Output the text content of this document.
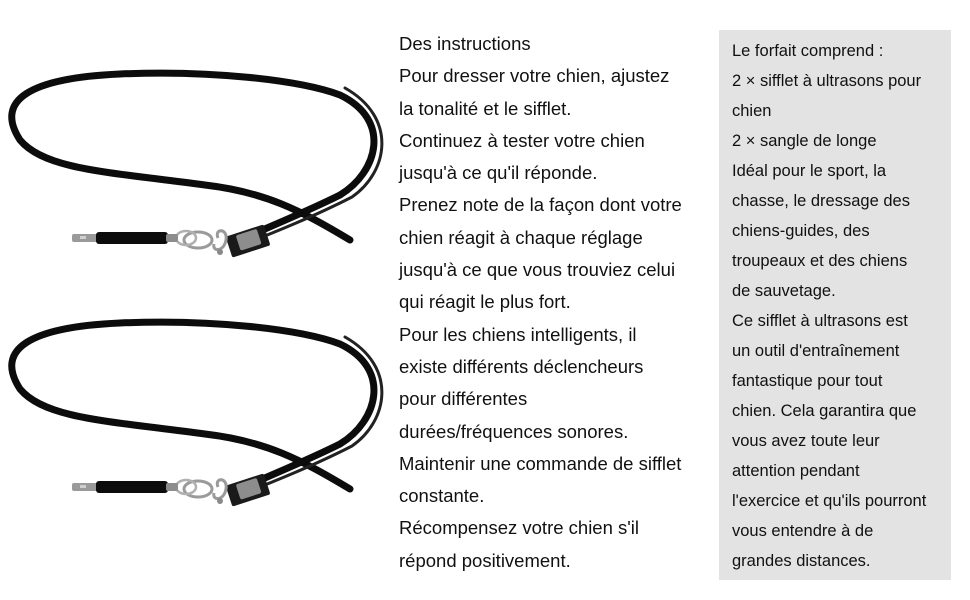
Des instructions

Pour dresser votre chien, ajustez

la tonalité et le sifflet.

Continuez à tester votre chien

jusqu'à ce qu'il réponde.

Prenez note de la façon dont votre

chien réagit à chaque réglage

jusqu'à ce que vous trouviez celui

qui réagit le plus fort.

Pour les chiens intelligents, il

existe différents déclencheurs

pour différentes

durées/fréquences sonores.

Maintenir une commande de sifflet

constante.

Récompensez votre chien s'il

répond positivement.

Le forfait comprend :

2 × sifflet à ultrasons pour

chien

2 × sangle de longe

Idéal pour le sport, la

chasse, le dressage des

chiens-guides, des

troupeaux et des chiens

de sauvetage.

Ce sifflet à ultrasons est

un outil d'entraînement

fantastique pour tout

chien. Cela garantira que

vous avez toute leur

attention pendant

l'exercice et qu'ils pourront

vous entendre à de

grandes distances.
